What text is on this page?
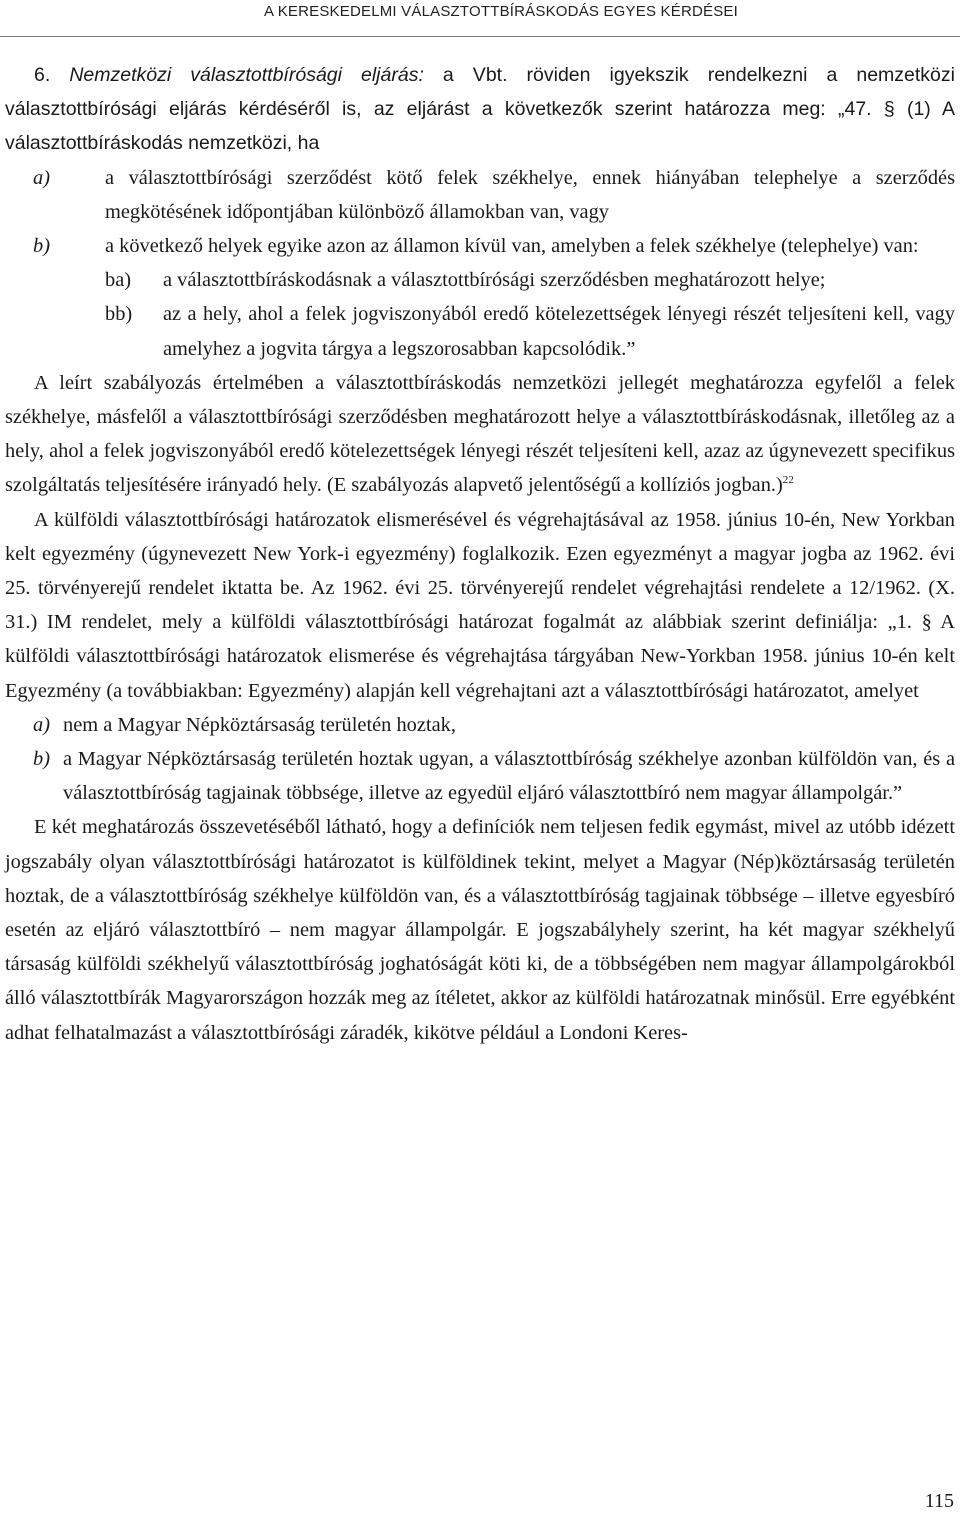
A KERESKEDELMI VÁLASZTOTTBÍRÁSKODÁS EGYES KÉRDÉSEI

6. Nemzetközi választottbírósági eljárás: a Vbt. röviden igyekszik rendelkezni a nemzetközi választottbírósági eljárás kérdéséről is, az eljárást a következők szerint határozza meg: „47. § (1) A választottbíráskodás nemzetközi, ha

a)	a választottbírósági szerződést kötő felek székhelye, ennek hiányában telephelye a szerződés megkötésének időpontjában különböző államokban van, vagy
b)	a következő helyek egyike azon az államon kívül van, amelyben a felek székhelye (telephelye) van:
ba)	a választottbíráskodásnak a választottbírósági szerződésben meghatározott helye;
bb)	az a hely, ahol a felek jogviszonyából eredő kötelezettségek lényegi részét teljesíteni kell, vagy amelyhez a jogvita tárgya a legszorosabban kapcsolódik.”

A leírt szabályozás értelmében a választottbíráskodás nemzetközi jellegét meghatározza egyfelől a felek székhelye, másfelől a választottbírósági szerződésben meghatározott helye a választottbíráskodásnak, illetőleg az a hely, ahol a felek jogviszonyából eredő kötelezettségek lényegi részét teljesíteni kell, azaz az úgynevezett specifikus szolgáltatás teljesítésére irányadó hely. (E szabályozás alapvető jelentőségű a kollíziós jogban.)$^{22}$

A külföldi választottbírósági határozatok elismerésével és végrehajtásával az 1958. június 10-én, New Yorkban kelt egyezmény (úgynevezett New York-i egyezmény) foglalkozik. Ezen egyezményt a magyar jogba az 1962. évi 25. törvényerejű rendelet iktatta be. Az 1962. évi 25. törvényerejű rendelet végrehajtási rendelete a 12/1962. (X. 31.) IM rendelet, mely a külföldi választottbírósági határozat fogalmát az alábbiak szerint definiálja: „1. § A külföldi választottbírósági határozatok elismerése és végrehajtása tárgyában New-Yorkban 1958. június 10-én kelt Egyezmény (a továbbiakban: Egyezmény) alapján kell végrehajtani azt a választottbírósági határozatot, amelyet

a) nem a Magyar Népköztársaság területén hoztak,
b) a Magyar Népköztársaság területén hoztak ugyan, a választottbíróság székhelye azonban külföldön van, és a választottbíróság tagjainak többsége, illetve az egyedül eljáró választottbíró nem magyar állampolgár.”

E két meghatározás összevetéséből látható, hogy a definíciók nem teljesen fedik egymást, mivel az utóbb idézett jogszabály olyan választottbírósági határozatot is külföldinek tekint, melyet a Magyar (Nép)köztársaság területén hoztak, de a választottbíróság székhelye külföldön van, és a választottbíróság tagjainak többsége – illetve egyesbíró esetén az eljáró választottbíró – nem magyar állampolgár. E jogszabályhely szerint, ha két magyar székhelyű társaság külföldi székhelyű választottbíróság joghatóságát köti ki, de a többségében nem magyar állampolgárokból álló választottbírák Magyarországon hozzák meg az ítéletet, akkor az külföldi határozatnak minősül. Erre egyébként adhat felhatalmazást a választottbírósági záradék, kikötve például a Londoni Keres-

115
